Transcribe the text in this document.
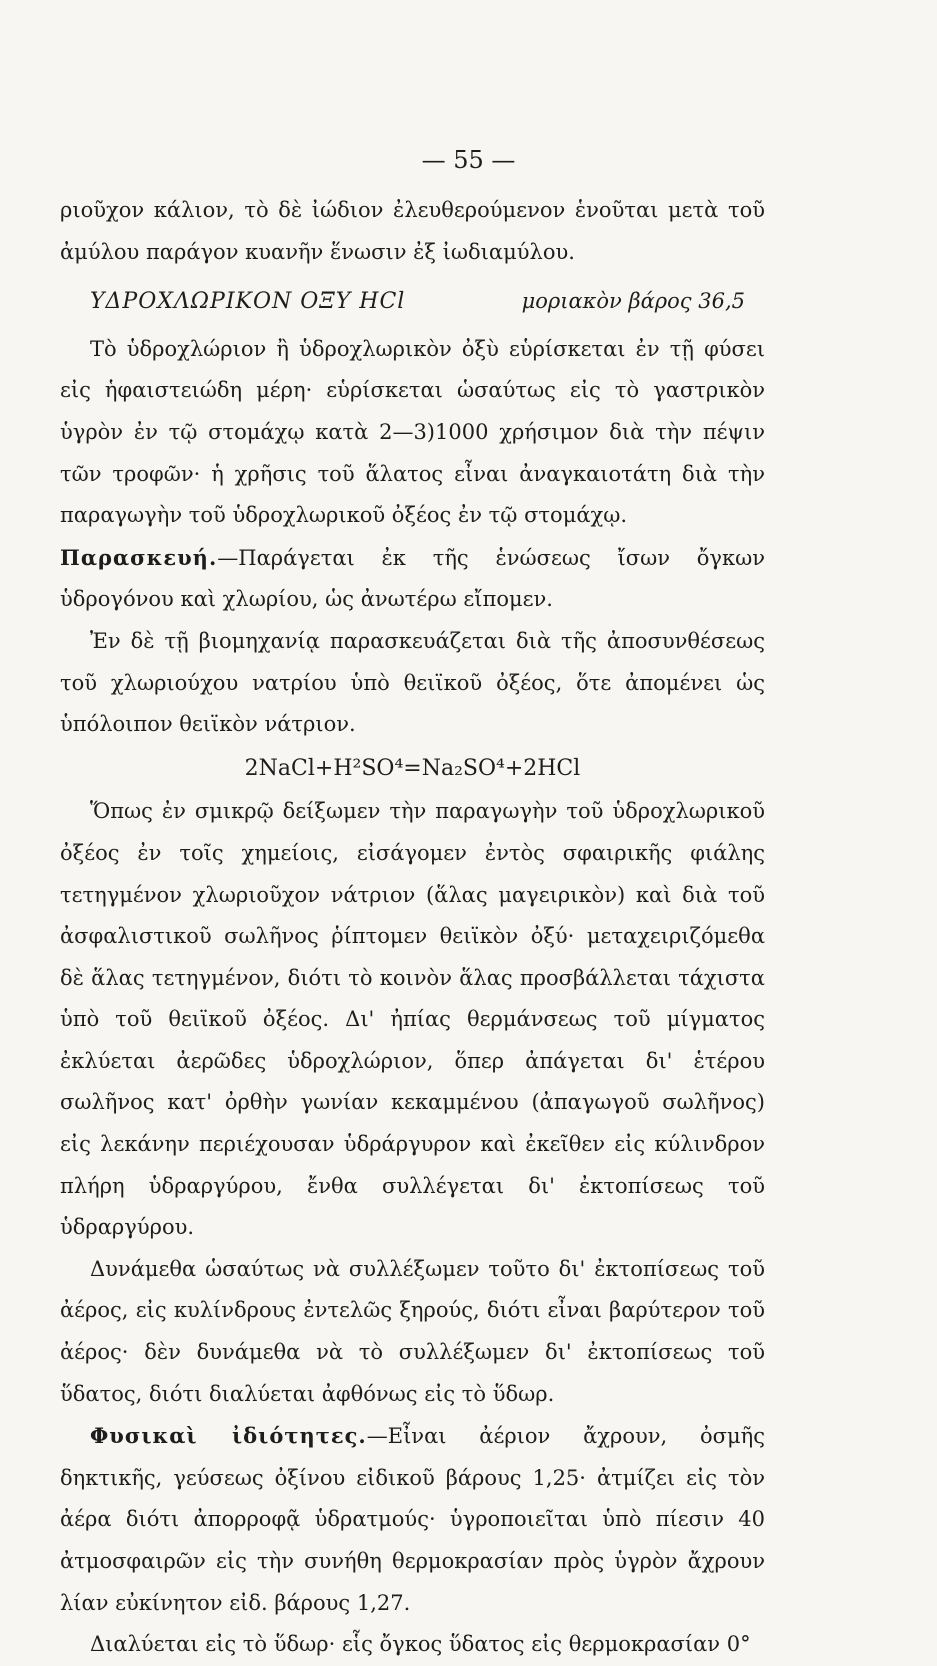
— 55 —

ριοῦχον κάλιον, τὸ δὲ ἰώδιον ἐλευθερούμενον ἑνοῦται μετὰ τοῦ ἀμύλου παράγον κυανῆν ἕνωσιν ἐξ ἰωδιαμύλου.

ΥΔΡΟΧΛΩΡΙΚΟΝ ΟΞΥ HCl	μοριακὸν βάρος 36,5

Τὸ ὑδροχλώριον ἢ ὑδροχλωρικὸν ὀξὺ εὑρίσκεται ἐν τῇ φύσει εἰς ἡφαιστειώδη μέρη· εὑρίσκεται ὡσαύτως εἰς τὸ γαστρικὸν ὑγρὸν ἐν τῷ στομάχῳ κατὰ 2—3)1000 χρήσιμον διὰ τὴν πέψιν τῶν τροφῶν· ἡ χρῆσις τοῦ ἅλατος εἶναι ἀναγκαιοτάτη διὰ τὴν παραγωγὴν τοῦ ὑδροχλωρικοῦ ὀξέος ἐν τῷ στομάχῳ.

Παρασκευή.—Παράγεται ἐκ τῆς ἑνώσεως ἴσων ὄγκων ὑδρογόνου καὶ χλωρίου, ὡς ἀνωτέρω εἴπομεν.

Ἐν δὲ τῇ βιομηχανίᾳ παρασκευάζεται διὰ τῆς ἀποσυνθέσεως τοῦ χλωριούχου νατρίου ὑπὸ θειϊκοῦ ὀξέος, ὅτε ἀπομένει ὡς ὑπόλοιπον θειϊκὸν νάτριον.

2NaCl+H²SO⁴=Na₂SO⁴+2HCl

Ὅπως ἐν σμικρῷ δείξωμεν τὴν παραγωγὴν τοῦ ὑδροχλωρικοῦ ὀξέος ἐν τοῖς χημείοις, εἰσάγομεν ἐντὸς σφαιρικῆς φιάλης τετηγμένον χλωριοῦχον νάτριον (ἅλας μαγειρικὸν) καὶ διὰ τοῦ ἀσφαλιστικοῦ σωλῆνος ῥίπτομεν θειϊκὸν ὀξύ· μεταχειριζόμεθα δὲ ἅλας τετηγμένον, διότι τὸ κοινὸν ἅλας προσβάλλεται τάχιστα ὑπὸ τοῦ θειϊκοῦ ὀξέος. Δι' ἠπίας θερμάνσεως τοῦ μίγματος ἐκλύεται ἀερῶδες ὑδροχλώριον, ὅπερ ἀπάγεται δι' ἑτέρου σωλῆνος κατ' ὀρθὴν γωνίαν κεκαμμένου (ἀπαγωγοῦ σωλῆνος) εἰς λεκάνην περιέχουσαν ὑδράργυρον καὶ ἐκεῖθεν εἰς κύλινδρον πλήρη ὑδραργύρου, ἔνθα συλλέγεται δι' ἐκτοπίσεως τοῦ ὑδραργύρου.

Δυνάμεθα ὡσαύτως νὰ συλλέξωμεν τοῦτο δι' ἐκτοπίσεως τοῦ ἀέρος, εἰς κυλίνδρους ἐντελῶς ξηρούς, διότι εἶναι βαρύτερον τοῦ ἀέρος· δὲν δυνάμεθα νὰ τὸ συλλέξωμεν δι' ἐκτοπίσεως τοῦ ὕδατος, διότι διαλύεται ἀφθόνως εἰς τὸ ὕδωρ.

Φυσικαὶ ἰδιότητες.—Εἶναι ἀέριον ἄχρουν, ὀσμῆς δηκτικῆς, γεύσεως ὀξίνου εἰδικοῦ βάρους 1,25· ἀτμίζει εἰς τὸν ἀέρα διότι ἀπορροφᾷ ὑδρατμούς· ὑγροποιεῖται ὑπὸ πίεσιν 40 ἀτμοσφαιρῶν εἰς τὴν συνήθη θερμοκρασίαν πρὸς ὑγρὸν ἄχρουν λίαν εὐκίνητον εἰδ. βάρους 1,27.

Διαλύεται εἰς τὸ ὕδωρ· εἷς ὄγκος ὕδατος εἰς θερμοκρασίαν 0°
